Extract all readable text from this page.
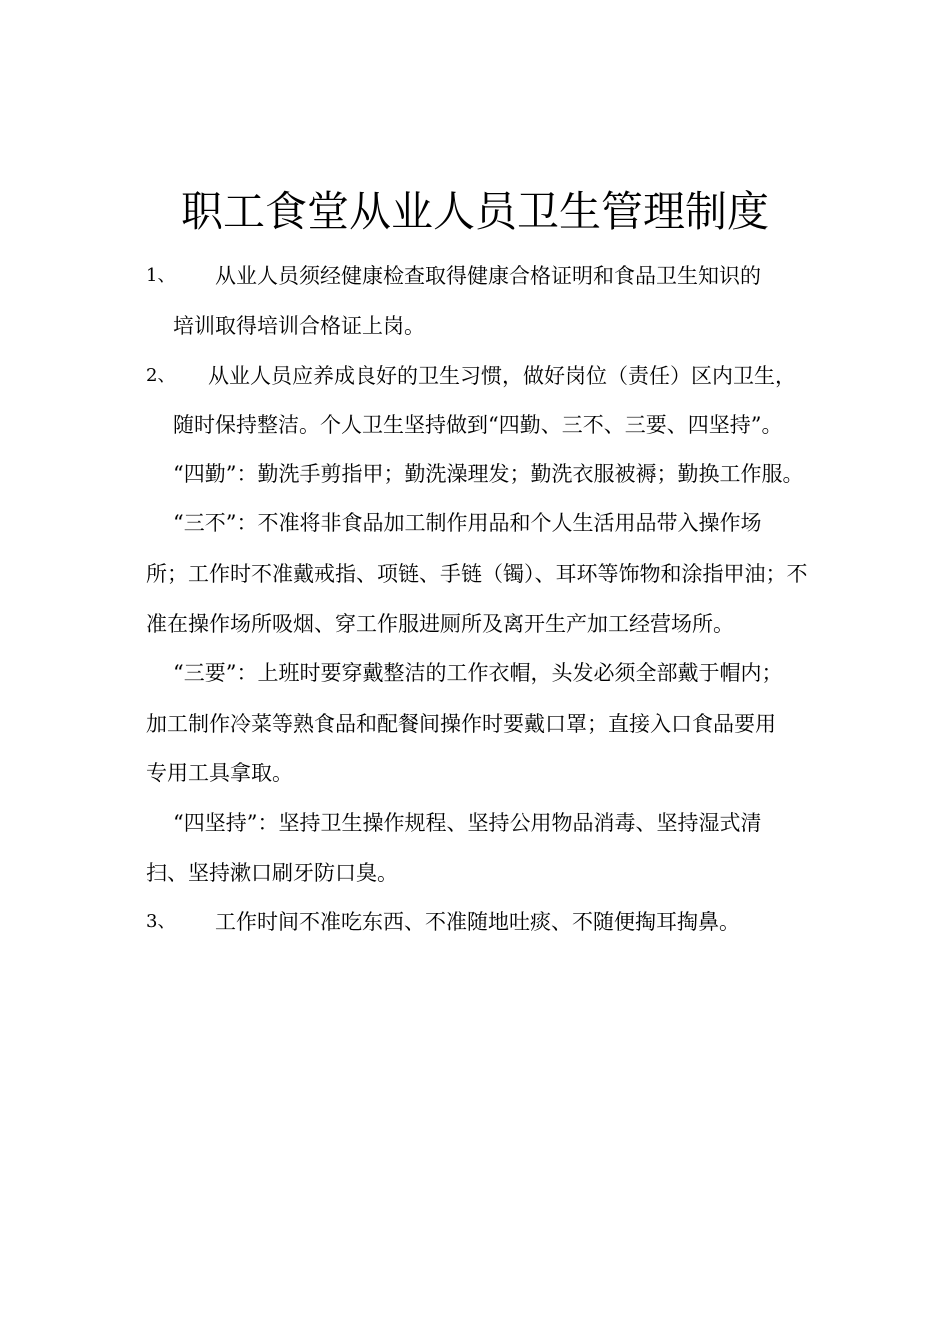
职工食堂从业人员卫生管理制度
1、 从业人员须经健康检查取得健康合格证明和食品卫生知识的
培训取得培训合格证上岗。
2、 从业人员应养成良好的卫生习惯，做好岗位（责任）区内卫生，
随时保持整洁。个人卫生坚持做到“四勤、三不、三要、四坚持”。
“四勤”：勤洗手剪指甲；勤洗澡理发；勤洗衣服被褥；勤换工作服。
“三不”：不准将非食品加工制作用品和个人生活用品带入操作场
所；工作时不准戴戒指、项链、手链（镯）、耳环等饰物和涂指甲油；不
准在操作场所吸烟、穿工作服进厕所及离开生产加工经营场所。
“三要”：上班时要穿戴整洁的工作衣帽，头发必须全部戴于帽内；
加工制作冷菜等熟食品和配餐间操作时要戴口罩；直接入口食品要用
专用工具拿取。
“四坚持”：坚持卫生操作规程、坚持公用物品消毒、坚持湿式清
扫、坚持漱口刷牙防口臭。
3、 工作时间不准吃东西、不准随地吐痰、不随便掏耳掏鼻。
